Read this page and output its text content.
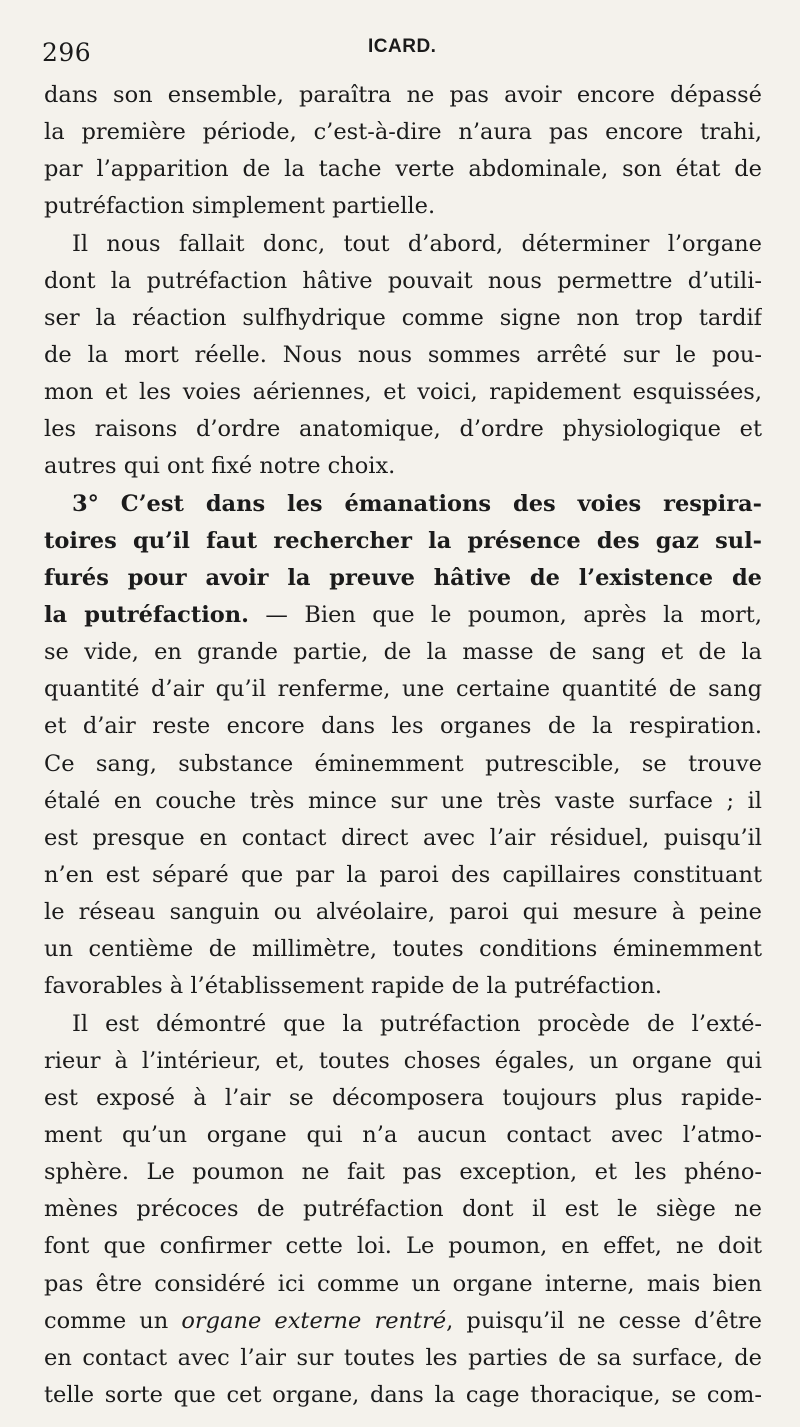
296	ICARD.
dans son ensemble, paraîtra ne pas avoir encore dépassé
la première période, c’est-à-dire n’aura pas encore trahi,
par l’apparition de la tache verte abdominale, son état de
putréfaction simplement partielle.
Il nous fallait donc, tout d’abord, déterminer l’organe
dont la putréfaction hâtive pouvait nous permettre d’utili-
ser la réaction sulfhydrique comme signe non trop tardif
de la mort réelle. Nous nous sommes arrêté sur le pou-
mon et les voies aériennes, et voici, rapidement esquissées,
les raisons d’ordre anatomique, d’ordre physiologique et
autres qui ont fixé notre choix.
3° C’est dans les émanations des voies respira-
toires qu’il faut rechercher la présence des gaz sul-
furés pour avoir la preuve hâtive de l’existence de
la putréfaction. — Bien que le poumon, après la mort,
se vide, en grande partie, de la masse de sang et de la
quantité d’air qu’il renferme, une certaine quantité de sang
et d’air reste encore dans les organes de la respiration.
Ce sang, substance éminemment putrescible, se trouve
étalé en couche très mince sur une très vaste surface ; il
est presque en contact direct avec l’air résiduel, puisqu’il
n’en est séparé que par la paroi des capillaires constituant
le réseau sanguin ou alvéolaire, paroi qui mesure à peine
un centième de millimètre, toutes conditions éminemment
favorables à l’établissement rapide de la putréfaction.
Il est démontré que la putréfaction procède de l’exté-
rieur à l’intérieur, et, toutes choses égales, un organe qui
est exposé à l’air se décomposera toujours plus rapide-
ment qu’un organe qui n’a aucun contact avec l’atmo-
sphère. Le poumon ne fait pas exception, et les phéno-
mènes précoces de putréfaction dont il est le siège ne
font que confirmer cette loi. Le poumon, en effet, ne doit
pas être considéré ici comme un organe interne, mais bien
comme un organe externe rentré, puisqu’il ne cesse d’être
en contact avec l’air sur toutes les parties de sa surface, de
telle sorte que cet organe, dans la cage thoracique, se com-
